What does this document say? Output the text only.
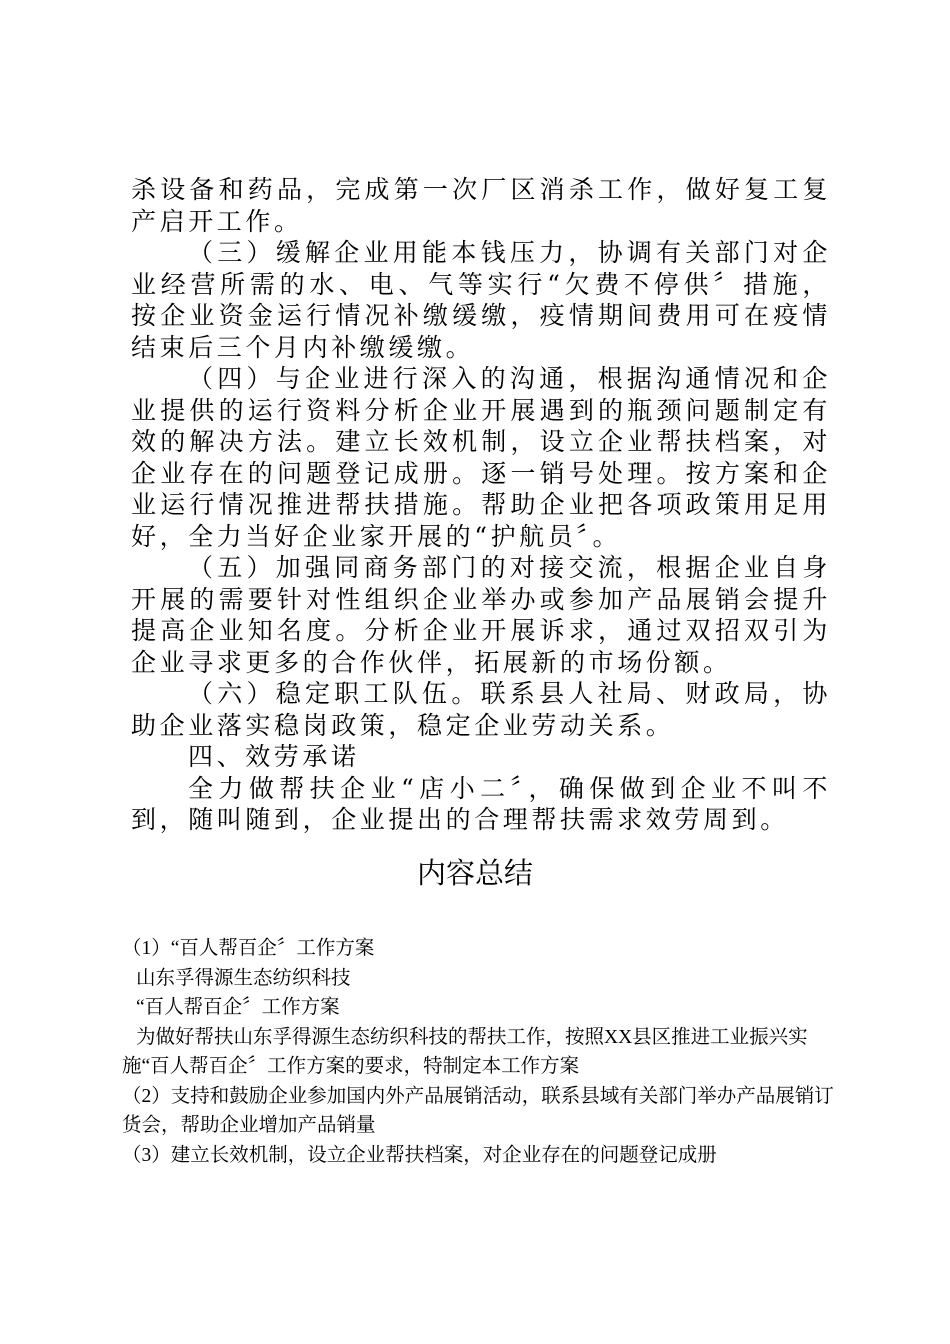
杀设备和药品，完成第一次厂区消杀工作，做好复工复产启开工作。

（三）缓解企业用能本钱压力，协调有关部门对企业经营所需的水、电、气等实行“欠费不停供〞措施，按企业资金运行情况补缴缓缴，疫情期间费用可在疫情结束后三个月内补缴缓缴。

（四）与企业进行深入的沟通，根据沟通情况和企业提供的运行资料分析企业开展遇到的瓶颈问题制定有效的解决方法。建立长效机制，设立企业帮扶档案，对企业存在的问题登记成册。逐一销号处理。按方案和企业运行情况推进帮扶措施。帮助企业把各项政策用足用好，全力当好企业家开展的“护航员〞。

（五）加强同商务部门的对接交流，根据企业自身开展的需要针对性组织企业举办或参加产品展销会提升提高企业知名度。分析企业开展诉求，通过双招双引为企业寻求更多的合作伙伴，拓展新的市场份额。

（六）稳定职工队伍。联系县人社局、财政局，协助企业落实稳岗政策，稳定企业劳动关系。

四、效劳承诺

全力做帮扶企业“店小二〞，确保做到企业不叫不到，随叫随到，企业提出的合理帮扶需求效劳周到。

内容总结

（1）“百人帮百企〞工作方案

山东孚得源生态纺织科技

“百人帮百企〞工作方案

为做好帮扶山东孚得源生态纺织科技的帮扶工作，按照XX县区推进工业振兴实施“百人帮百企〞工作方案的要求，特制定本工作方案

（2）支持和鼓励企业参加国内外产品展销活动，联系县域有关部门举办产品展销订货会，帮助企业增加产品销量

（3）建立长效机制，设立企业帮扶档案，对企业存在的问题登记成册
